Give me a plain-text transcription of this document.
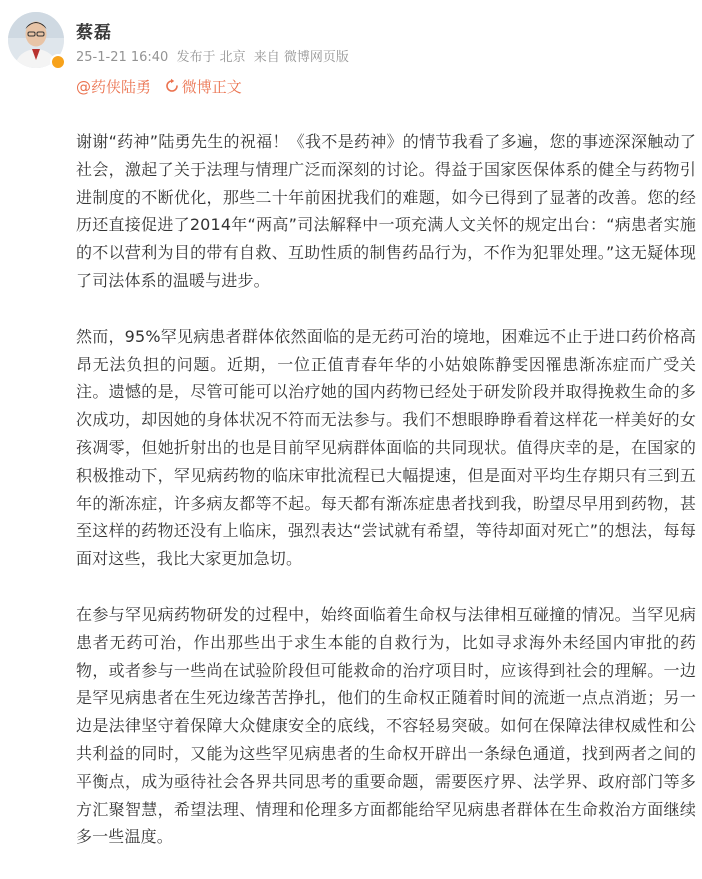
蔡磊
25-1-21 16:40 发布于 北京 来自 微博网页版
@药侠陆勇 微博正文

谢谢“药神”陆勇先生的祝福！《我不是药神》的情节我看了多遍，您的事迹深深触动了社会，激起了关于法理与情理广泛而深刻的讨论。得益于国家医保体系的健全与药物引进制度的不断优化，那些二十年前困扰我们的难题，如今已得到了显著的改善。您的经历还直接促进了2014年“两高”司法解释中一项充满人文关怀的规定出台：“病患者实施的不以营利为目的带有自救、互助性质的制售药品行为，不作为犯罪处理。”这无疑体现了司法体系的温暖与进步。

然而，95%罕见病患者群体依然面临的是无药可治的境地，困难远不止于进口药价格高昂无法负担的问题。近期，一位正值青春年华的小姑娘陈静雯因罹患渐冻症而广受关注。遗憾的是，尽管可能可以治疗她的国内药物已经处于研发阶段并取得挽救生命的多次成功，却因她的身体状况不符而无法参与。我们不想眼睁睁看着这样花一样美好的女孩凋零，但她折射出的也是目前罕见病群体面临的共同现状。值得庆幸的是，在国家的积极推动下，罕见病药物的临床审批流程已大幅提速，但是面对平均生存期只有三到五年的渐冻症，许多病友都等不起。每天都有渐冻症患者找到我，盼望尽早用到药物，甚至这样的药物还没有上临床，强烈表达“尝试就有希望，等待却面对死亡”的想法，每每面对这些，我比大家更加急切。

在参与罕见病药物研发的过程中，始终面临着生命权与法律相互碰撞的情况。当罕见病患者无药可治，作出那些出于求生本能的自救行为，比如寻求海外未经国内审批的药物，或者参与一些尚在试验阶段但可能救命的治疗项目时，应该得到社会的理解。一边是罕见病患者在生死边缘苦苦挣扎，他们的生命权正随着时间的流逝一点点消逝；另一边是法律坚守着保障大众健康安全的底线，不容轻易突破。如何在保障法律权威性和公共利益的同时，又能为这些罕见病患者的生命权开辟出一条绿色通道，找到两者之间的平衡点，成为亟待社会各界共同思考的重要命题，需要医疗界、法学界、政府部门等多方汇聚智慧，希望法理、情理和伦理多方面都能给罕见病患者群体在生命救治方面继续多一些温度。
